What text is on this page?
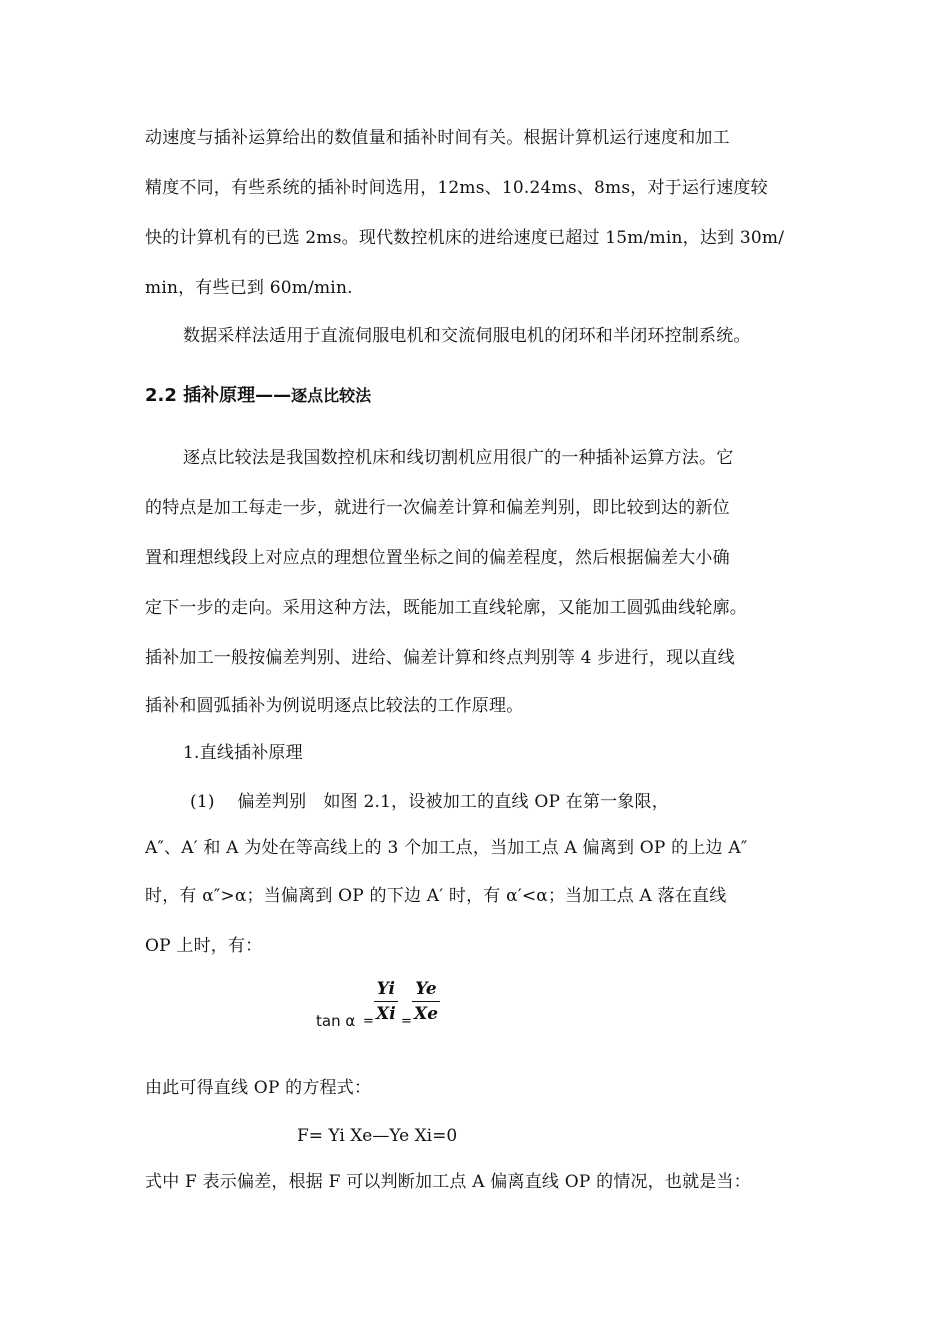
动速度与插补运算给出的数值量和插补时间有关。根据计算机运行速度和加工
精度不同，有些系统的插补时间选用，12ms、10.24ms、8ms，对于运行速度较
快的计算机有的已选 2ms。现代数控机床的进给速度已超过 15m/min，达到 30m/
min，有些已到 60m/min.
数据采样法适用于直流伺服电机和交流伺服电机的闭环和半闭环控制系统。
2.2 插补原理——逐点比较法
逐点比较法是我国数控机床和线切割机应用很广的一种插补运算方法。它
的特点是加工每走一步，就进行一次偏差计算和偏差判别，即比较到达的新位
置和理想线段上对应点的理想位置坐标之间的偏差程度，然后根据偏差大小确
定下一步的走向。采用这种方法，既能加工直线轮廓，又能加工圆弧曲线轮廓。
插补加工一般按偏差判别、进给、偏差计算和终点判别等 4 步进行，现以直线
插补和圆弧插补为例说明逐点比较法的工作原理。
1.直线插补原理
(1)　 偏差判别　如图 2.1，设被加工的直线 OP 在第一象限，
A″、A′ 和 A 为处在等高线上的 3 个加工点，当加工点 A 偏离到 OP 的上边 A″
时，有 α″>α；当偏离到 OP 的下边 A′ 时，有 α′<α；当加工点 A 落在直线
OP 上时，有：
tan α =
Yi
Xi =
Ye
Xe
由此可得直线 OP 的方程式：
F= Yi Xe—Ye Xi=0
式中 F 表示偏差，根据 F 可以判断加工点 A 偏离直线 OP 的情况，也就是当：
